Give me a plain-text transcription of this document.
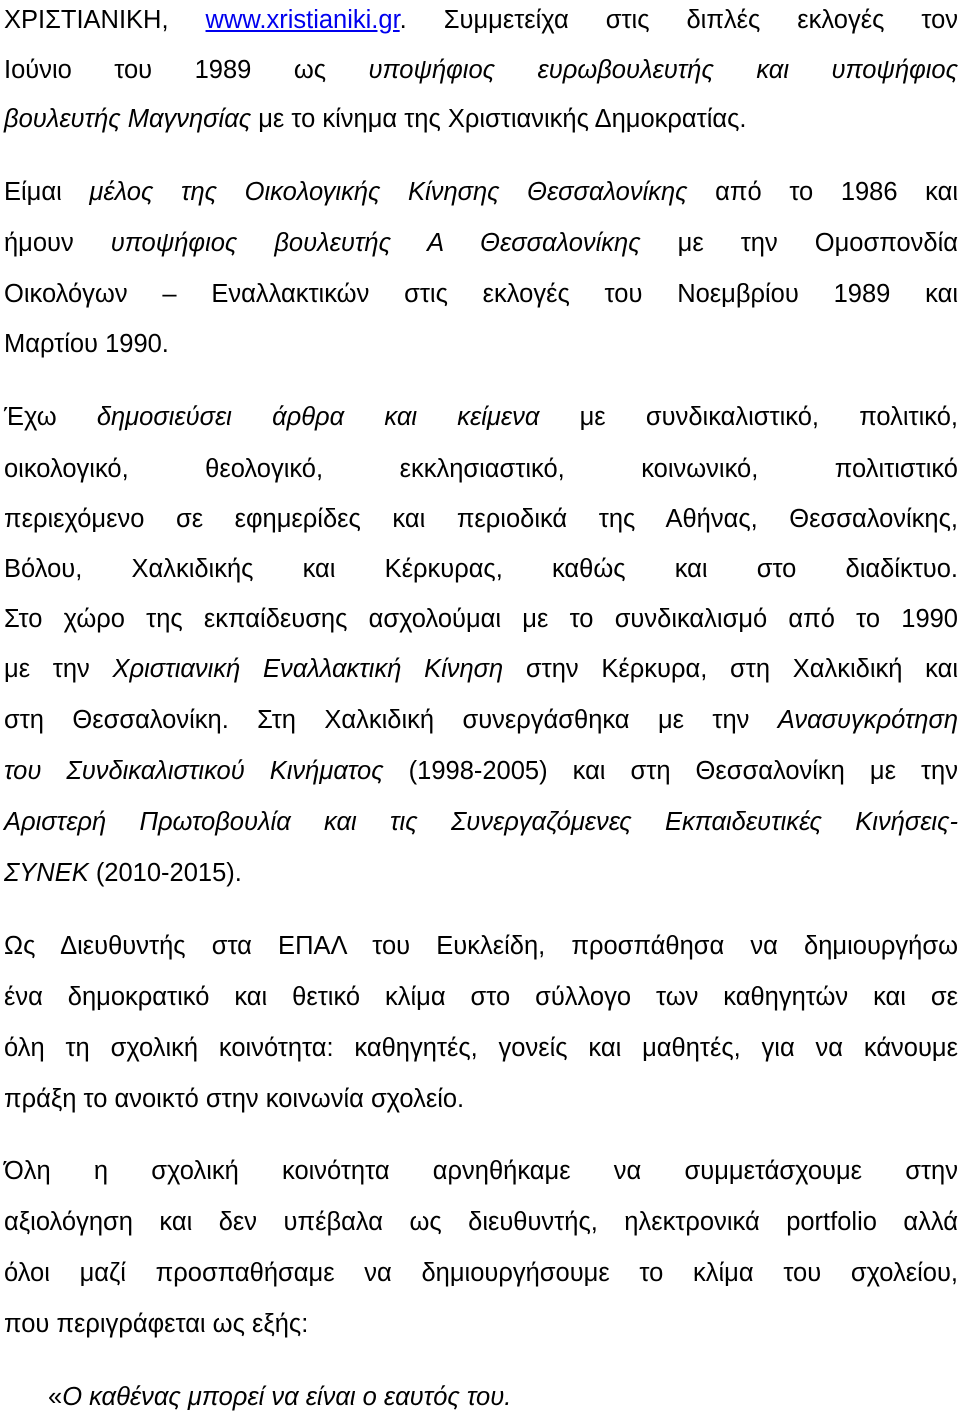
ΧΡΙΣΤΙΑΝΙΚΗ, www.xristianiki.gr. Συμμετείχα στις διπλές εκλογές τον
Ιούνιο του 1989 ως υποψήφιος ευρωβουλευτής και υποψήφιος
βουλευτής Μαγνησίας με το κίνημα της Χριστιανικής Δημοκρατίας.
Είμαι μέλος της Οικολογικής Κίνησης Θεσσαλονίκης από το 1986 και
ήμουν υποψήφιος βουλευτής Α Θεσσαλονίκης με την Ομοσπονδία
Οικολόγων – Εναλλακτικών στις εκλογές του Νοεμβρίου 1989 και
Μαρτίου 1990.
Έχω δημοσιεύσει άρθρα και κείμενα με συνδικαλιστικό, πολιτικό,
οικολογικό, θεολογικό, εκκλησιαστικό, κοινωνικό, πολιτιστικό
περιεχόμενο σε εφημερίδες και περιοδικά της Αθήνας, Θεσσαλονίκης,
Βόλου, Χαλκιδικής και Κέρκυρας, καθώς και στο διαδίκτυο.
Στο χώρο της εκπαίδευσης ασχολούμαι με το συνδικαλισμό από το 1990
με την Χριστιανική Εναλλακτική Κίνηση στην Κέρκυρα, στη Χαλκιδική και
στη Θεσσαλονίκη. Στη Χαλκιδική συνεργάσθηκα με την Ανασυγκρότηση
του Συνδικαλιστικού Κινήματος (1998-2005) και στη Θεσσαλονίκη με την
Αριστερή Πρωτοβουλία και τις Συνεργαζόμενες Εκπαιδευτικές Κινήσεις-
ΣΥΝΕΚ (2010-2015).
Ως Διευθυντής στα ΕΠΑΛ του Ευκλείδη, προσπάθησα να δημιουργήσω
ένα δημοκρατικό και θετικό κλίμα στο σύλλογο των καθηγητών και σε
όλη τη σχολική κοινότητα: καθηγητές, γονείς και μαθητές, για να κάνουμε
πράξη το ανοικτό στην κοινωνία σχολείο.
Όλη η σχολική κοινότητα αρνηθήκαμε να συμμετάσχουμε στην
αξιολόγηση και δεν υπέβαλα ως διευθυντής, ηλεκτρονικά portfolio αλλά
όλοι μαζί προσπαθήσαμε να δημιουργήσουμε το κλίμα του σχολείου,
που περιγράφεται ως εξής:
«Ο καθένας μπορεί να είναι ο εαυτός του.
